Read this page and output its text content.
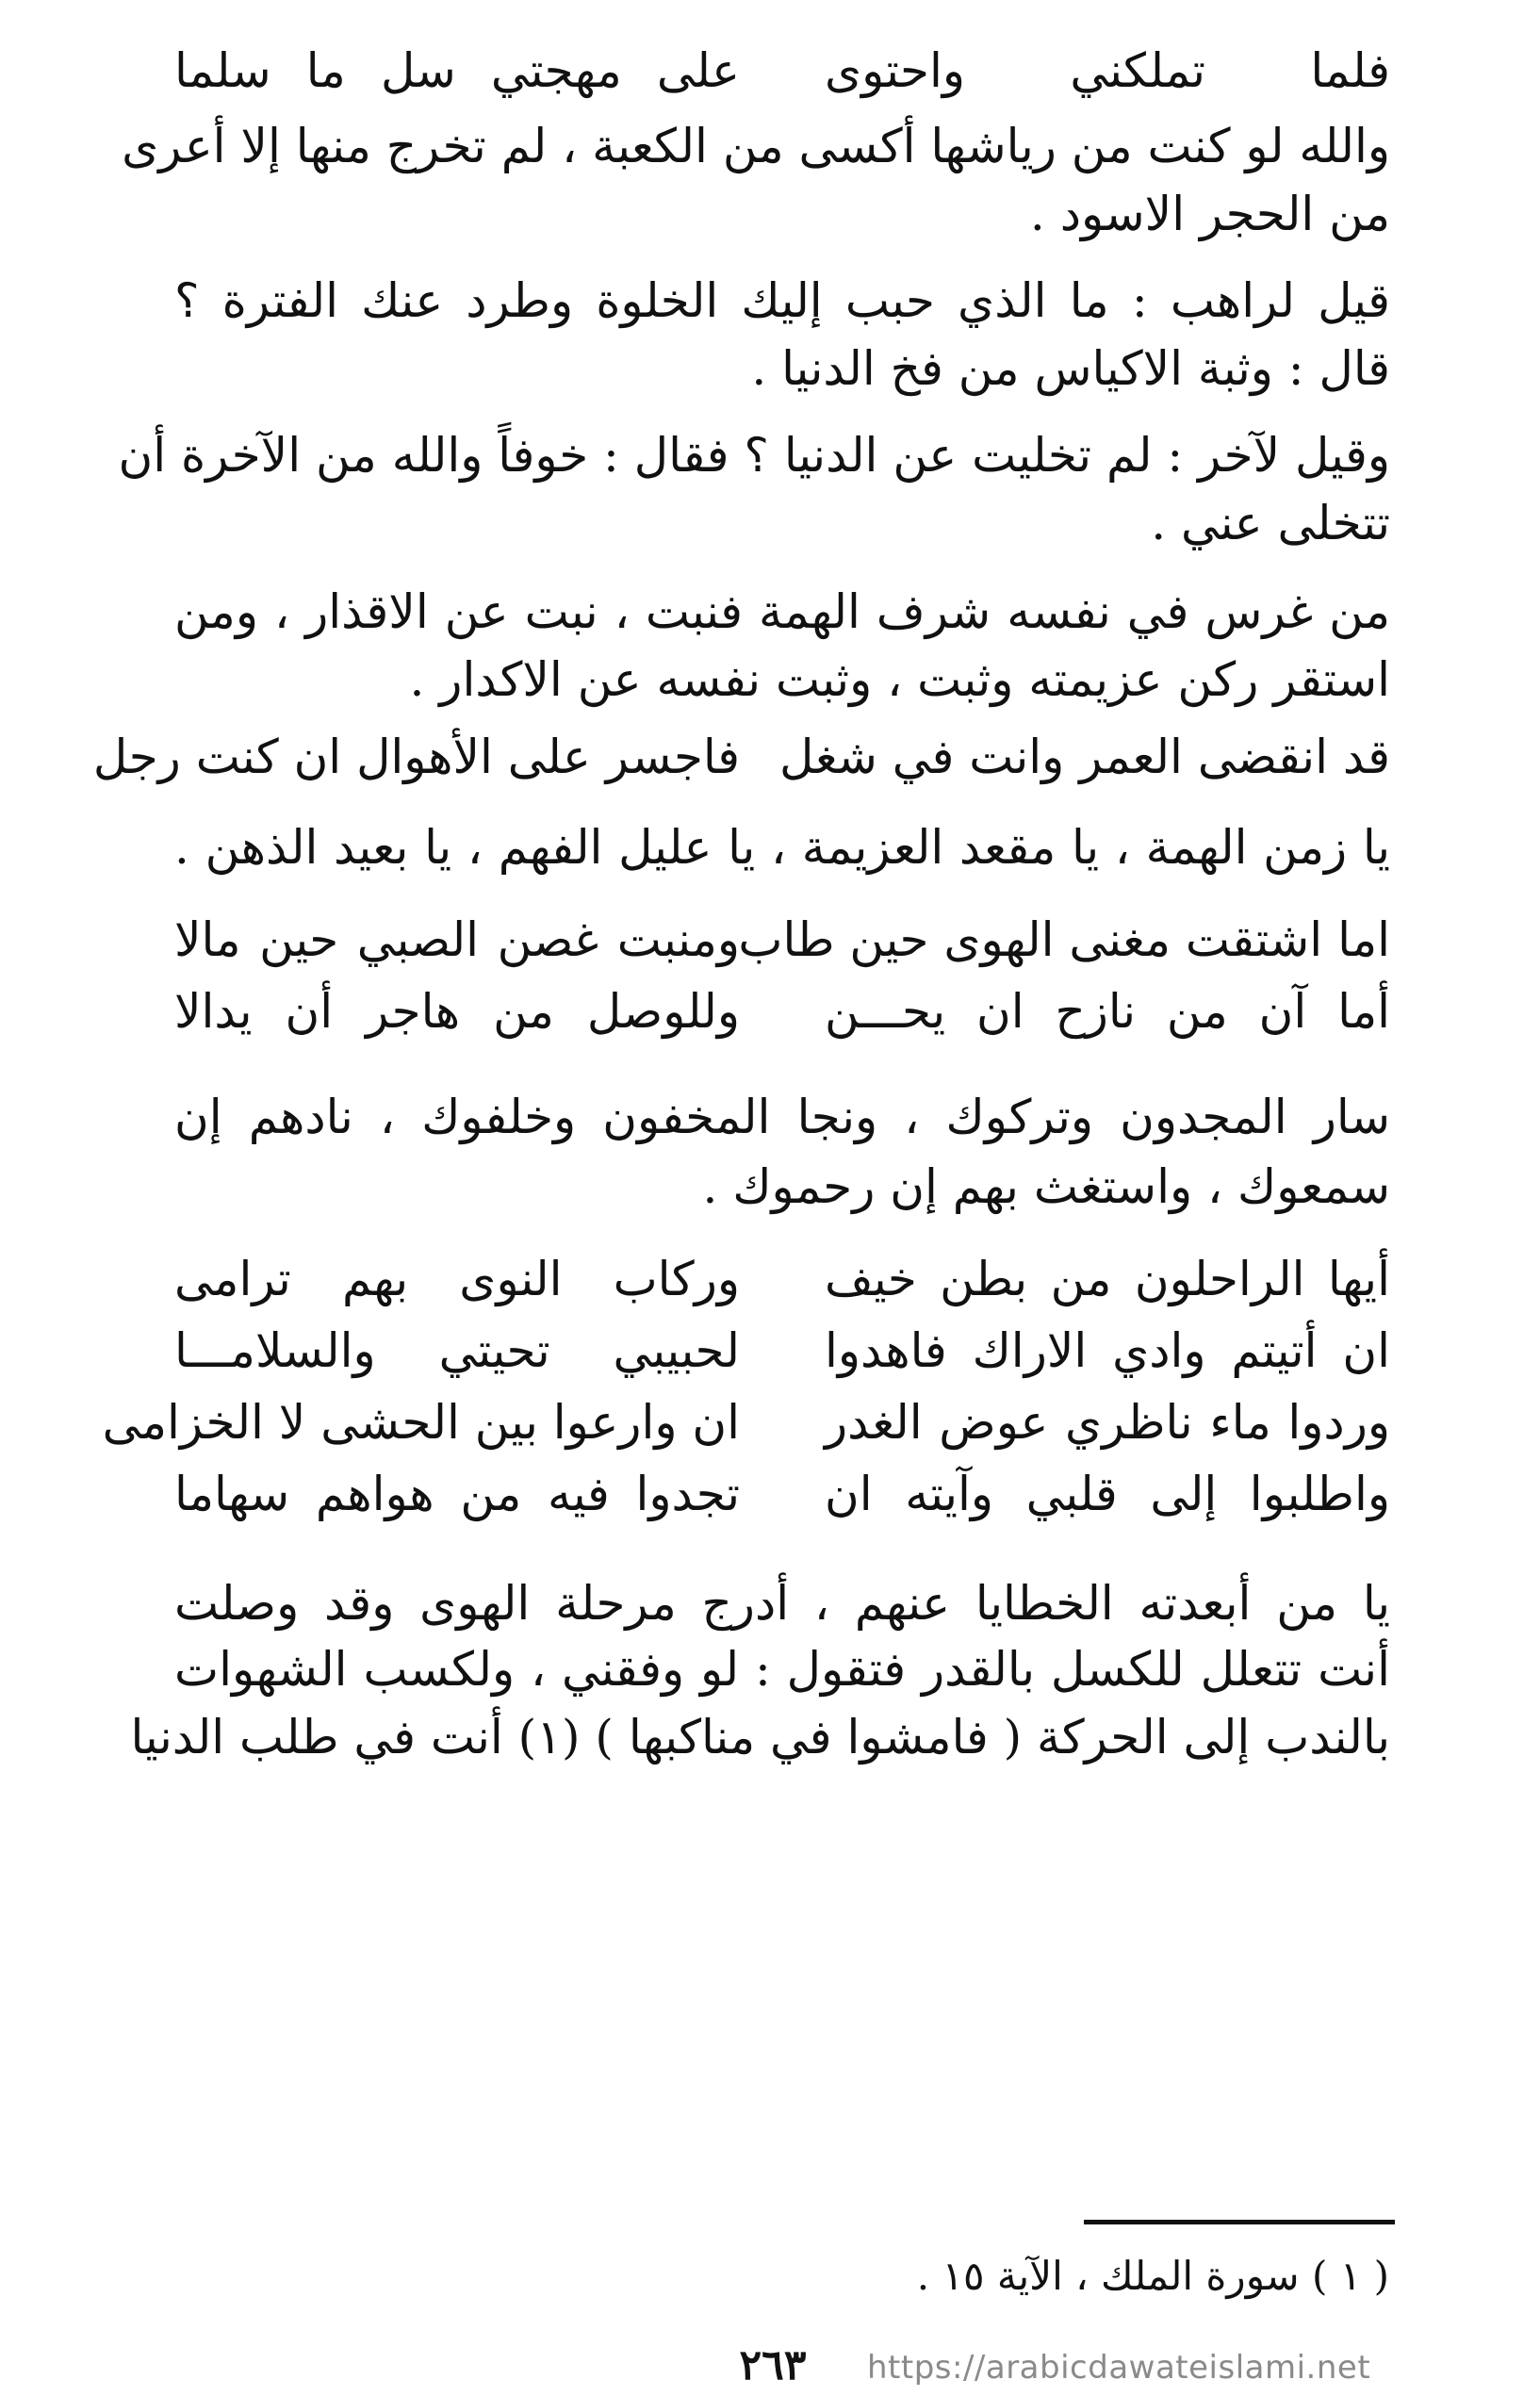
فلما تملكني واحتوى
على مهجتي سل ما سلما
والله لو كنت من رياشها أكسى من الكعبة ، لم تخرج منها إلا أعرى
من الحجر الاسود .
قيل لراهب : ما الذي حبب إليك الخلوة وطرد عنك الفترة ؟
قال : وثبة الاكياس من فخ الدنيا .
وقيل لآخر : لم تخليت عن الدنيا ؟ فقال : خوفاً والله من الآخرة أن
تتخلى عني .
من غرس في نفسه شرف الهمة فنبت ، نبت عن الاقذار ، ومن
استقر ركن عزيمته وثبت ، وثبت نفسه عن الاكدار .
قد انقضى العمر وانت في شغل
فاجسر على الأهوال ان كنت رجل
يا زمن الهمة ، يا مقعد العزيمة ، يا عليل الفهم ، يا بعيد الذهن .
اما اشتقت مغنى الهوى حين طاب
ومنبت غصن الصبي حين مالا
أما آن من نازح ان يحـــن
وللوصل من هاجر أن يدالا
سار المجدون وتركوك ، ونجا المخفون وخلفوك ، نادهم إن
سمعوك ، واستغث بهم إن رحموك .
أيها الراحلون من بطن خيف
وركاب النوى بهم ترامى
ان أتيتم وادي الاراك فاهدوا
لحبيبي تحيتي والسلامـــا
وردوا ماء ناظري عوض الغدر
ان وارعوا بين الحشى لا الخزامى
واطلبوا إلى قلبي وآيته ان
تجدوا فيه من هواهم سهاما
يا من أبعدته الخطايا عنهم ، أدرج مرحلة الهوى وقد وصلت
أنت تتعلل للكسل بالقدر فتقول : لو وفقني ، ولكسب الشهوات
بالندب إلى الحركة ( فامشوا في مناكبها ) (١) أنت في طلب الدنيا
( ١ ) سورة الملك ، الآية ١٥ .
٢٦٣	https://arabicdawateislami.net
